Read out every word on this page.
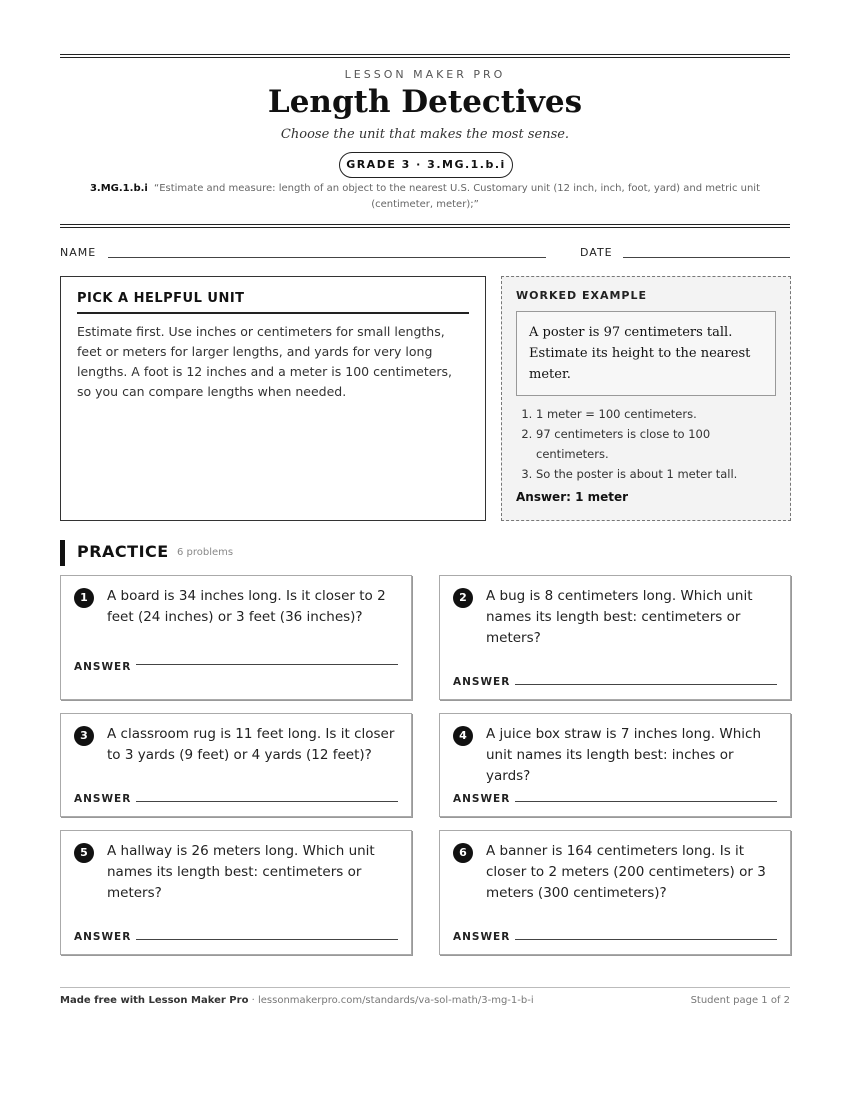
LESSON MAKER PRO
Length Detectives
Choose the unit that makes the most sense.
GRADE 3 · 3.MG.1.b.i
3.MG.1.b.i “Estimate and measure: length of an object to the nearest U.S. Customary unit (12 inch, inch, foot, yard) and metric unit (centimeter, meter);”
NAME	DATE
PICK A HELPFUL UNIT
Estimate first. Use inches or centimeters for small lengths, feet or meters for larger lengths, and yards for very long lengths. A foot is 12 inches and a meter is 100 centimeters, so you can compare lengths when needed.
WORKED EXAMPLE
A poster is 97 centimeters tall. Estimate its height to the nearest meter.
1. 1 meter = 100 centimeters.
2. 97 centimeters is close to 100 centimeters.
3. So the poster is about 1 meter tall.
Answer: 1 meter
PRACTICE 6 problems
1	A board is 34 inches long. Is it closer to 2 feet (24 inches) or 3 feet (36 inches)?
ANSWER
2	A bug is 8 centimeters long. Which unit names its length best: centimeters or meters?
ANSWER
3	A classroom rug is 11 feet long. Is it closer to 3 yards (9 feet) or 4 yards (12 feet)?
ANSWER
4	A juice box straw is 7 inches long. Which unit names its length best: inches or yards?
ANSWER
5	A hallway is 26 meters long. Which unit names its length best: centimeters or meters?
ANSWER
6	A banner is 164 centimeters long. Is it closer to 2 meters (200 centimeters) or 3 meters (300 centimeters)?
ANSWER
Made free with Lesson Maker Pro · lessonmakerpro.com/standards/va-sol-math/3-mg-1-b-i	Student page 1 of 2
